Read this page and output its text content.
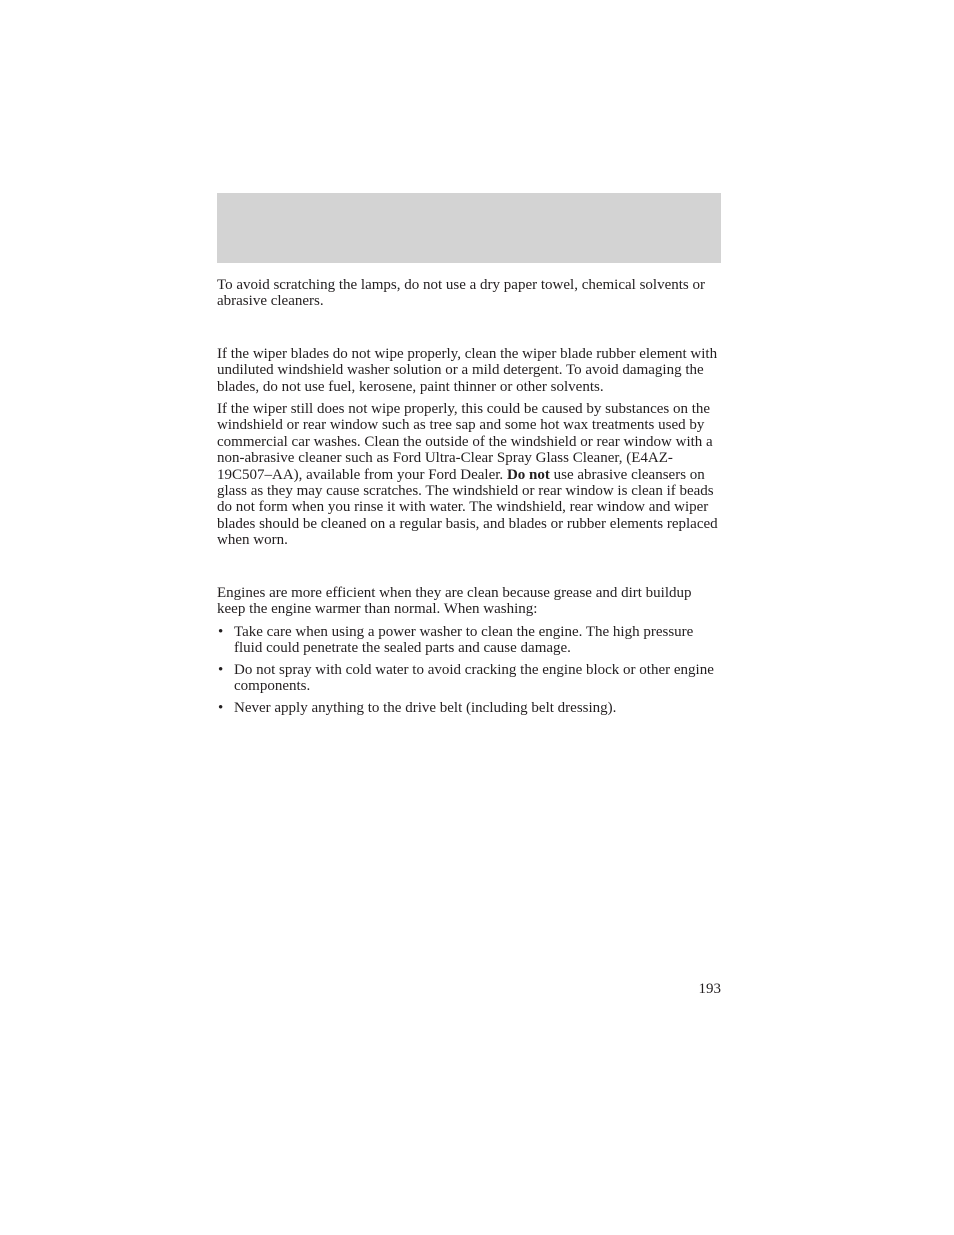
To avoid scratching the lamps, do not use a dry paper towel, chemical solvents or abrasive cleaners.

If the wiper blades do not wipe properly, clean the wiper blade rubber element with undiluted windshield washer solution or a mild detergent. To avoid damaging the blades, do not use fuel, kerosene, paint thinner or other solvents.

If the wiper still does not wipe properly, this could be caused by substances on the windshield or rear window such as tree sap and some hot wax treatments used by commercial car washes. Clean the outside of the windshield or rear window with a non-abrasive cleaner such as Ford Ultra-Clear Spray Glass Cleaner, (E4AZ-19C507–AA), available from your Ford Dealer. Do not use abrasive cleansers on glass as they may cause scratches. The windshield or rear window is clean if beads do not form when you rinse it with water. The windshield, rear window and wiper blades should be cleaned on a regular basis, and blades or rubber elements replaced when worn.

Engines are more efficient when they are clean because grease and dirt buildup keep the engine warmer than normal. When washing:

• Take care when using a power washer to clean the engine. The high pressure fluid could penetrate the sealed parts and cause damage.
• Do not spray with cold water to avoid cracking the engine block or other engine components.
• Never apply anything to the drive belt (including belt dressing).
193
